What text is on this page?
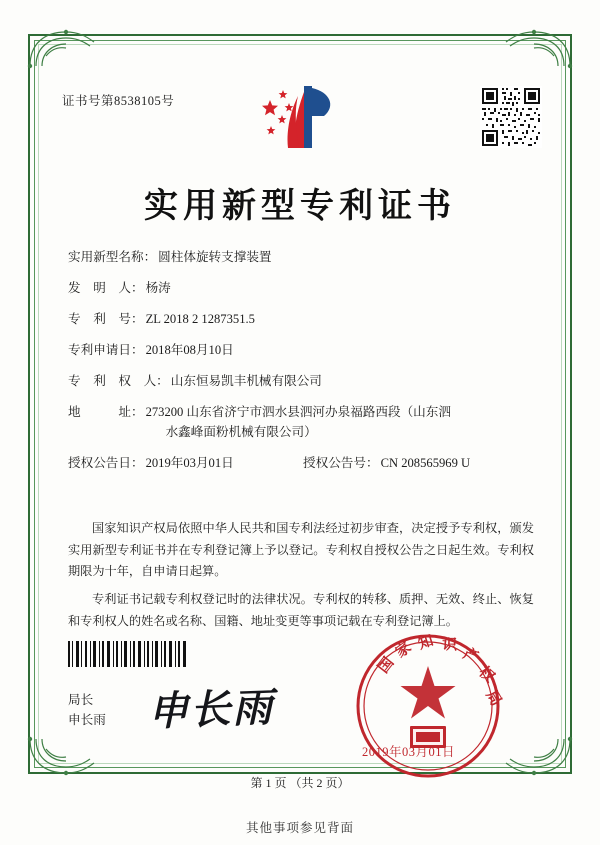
证书号第8538105号
实用新型专利证书
实用新型名称： 圆柱体旋转支撑装置
发　明　人： 杨涛
专　利　号： ZL 2018 2 1287351.5
专利申请日： 2018年08月10日
专　利　权　人： 山东恒易凯丰机械有限公司
地　　　址： 273200 山东省济宁市泗水县泗河办泉福路西段（山东泗
水鑫峰面粉机械有限公司）
授权公告日： 2019年03月01日	授权公告号： CN 208565969 U

国家知识产权局依照中华人民共和国专利法经过初步审查，决定授予专利权，颁发实用新型专利证书并在专利登记簿上予以登记。专利权自授权公告之日起生效。专利权期限为十年，自申请日起算。

专利证书记载专利权登记时的法律状况。专利权的转移、质押、无效、终止、恢复和专利权人的姓名或名称、国籍、地址变更等事项记载在专利登记簿上。

局长
申长雨 申长雨
国
家 知 识
产
权
局
2019年03月01日
第 1 页 （共 2 页）
其他事项参见背面
